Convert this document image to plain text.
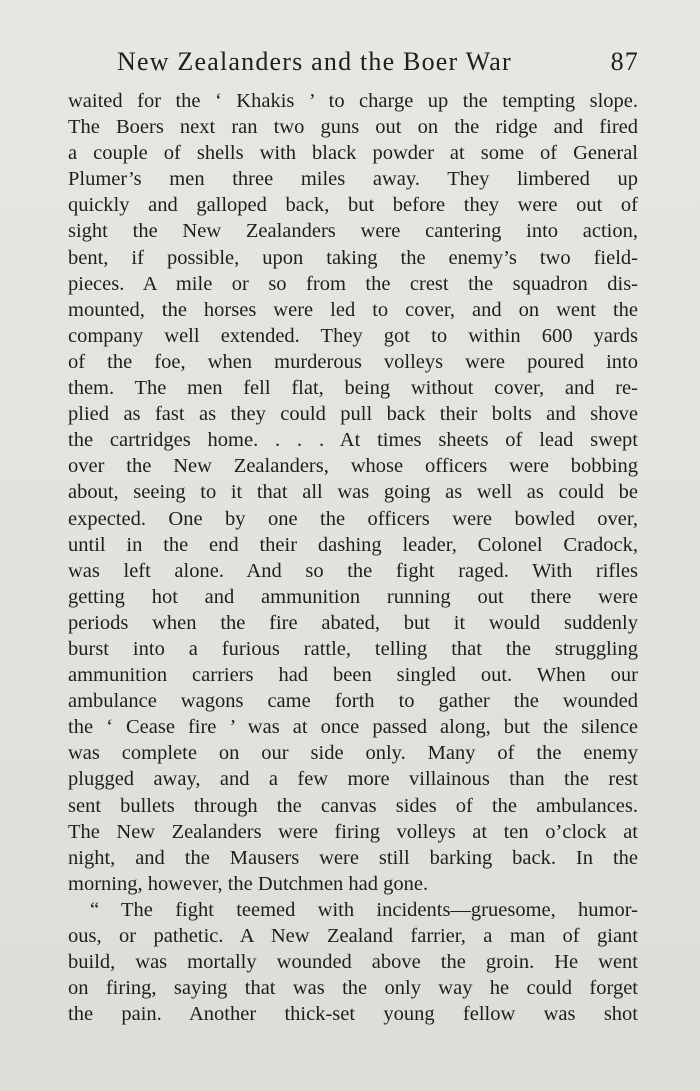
New Zealanders and the Boer War	87
waited for the ‘ Khakis ’ to charge up the tempting slope.
The Boers next ran two guns out on the ridge and fired
a couple of shells with black powder at some of General
Plumer’s men three miles away. They limbered up
quickly and galloped back, but before they were out of
sight the New Zealanders were cantering into action,
bent, if possible, upon taking the enemy’s two field-
pieces. A mile or so from the crest the squadron dis-
mounted, the horses were led to cover, and on went the
company well extended. They got to within 600 yards
of the foe, when murderous volleys were poured into
them. The men fell flat, being without cover, and re-
plied as fast as they could pull back their bolts and shove
the cartridges home. . . . At times sheets of lead swept
over the New Zealanders, whose officers were bobbing
about, seeing to it that all was going as well as could be
expected. One by one the officers were bowled over,
until in the end their dashing leader, Colonel Cradock,
was left alone. And so the fight raged. With rifles
getting hot and ammunition running out there were
periods when the fire abated, but it would suddenly
burst into a furious rattle, telling that the struggling
ammunition carriers had been singled out. When our
ambulance wagons came forth to gather the wounded
the ‘ Cease fire ’ was at once passed along, but the silence
was complete on our side only. Many of the enemy
plugged away, and a few more villainous than the rest
sent bullets through the canvas sides of the ambulances.
The New Zealanders were firing volleys at ten o’clock at
night, and the Mausers were still barking back. In the
morning, however, the Dutchmen had gone.
“ The fight teemed with incidents—gruesome, humor-
ous, or pathetic. A New Zealand farrier, a man of giant
build, was mortally wounded above the groin. He went
on firing, saying that was the only way he could forget
the pain. Another thick-set young fellow was shot
